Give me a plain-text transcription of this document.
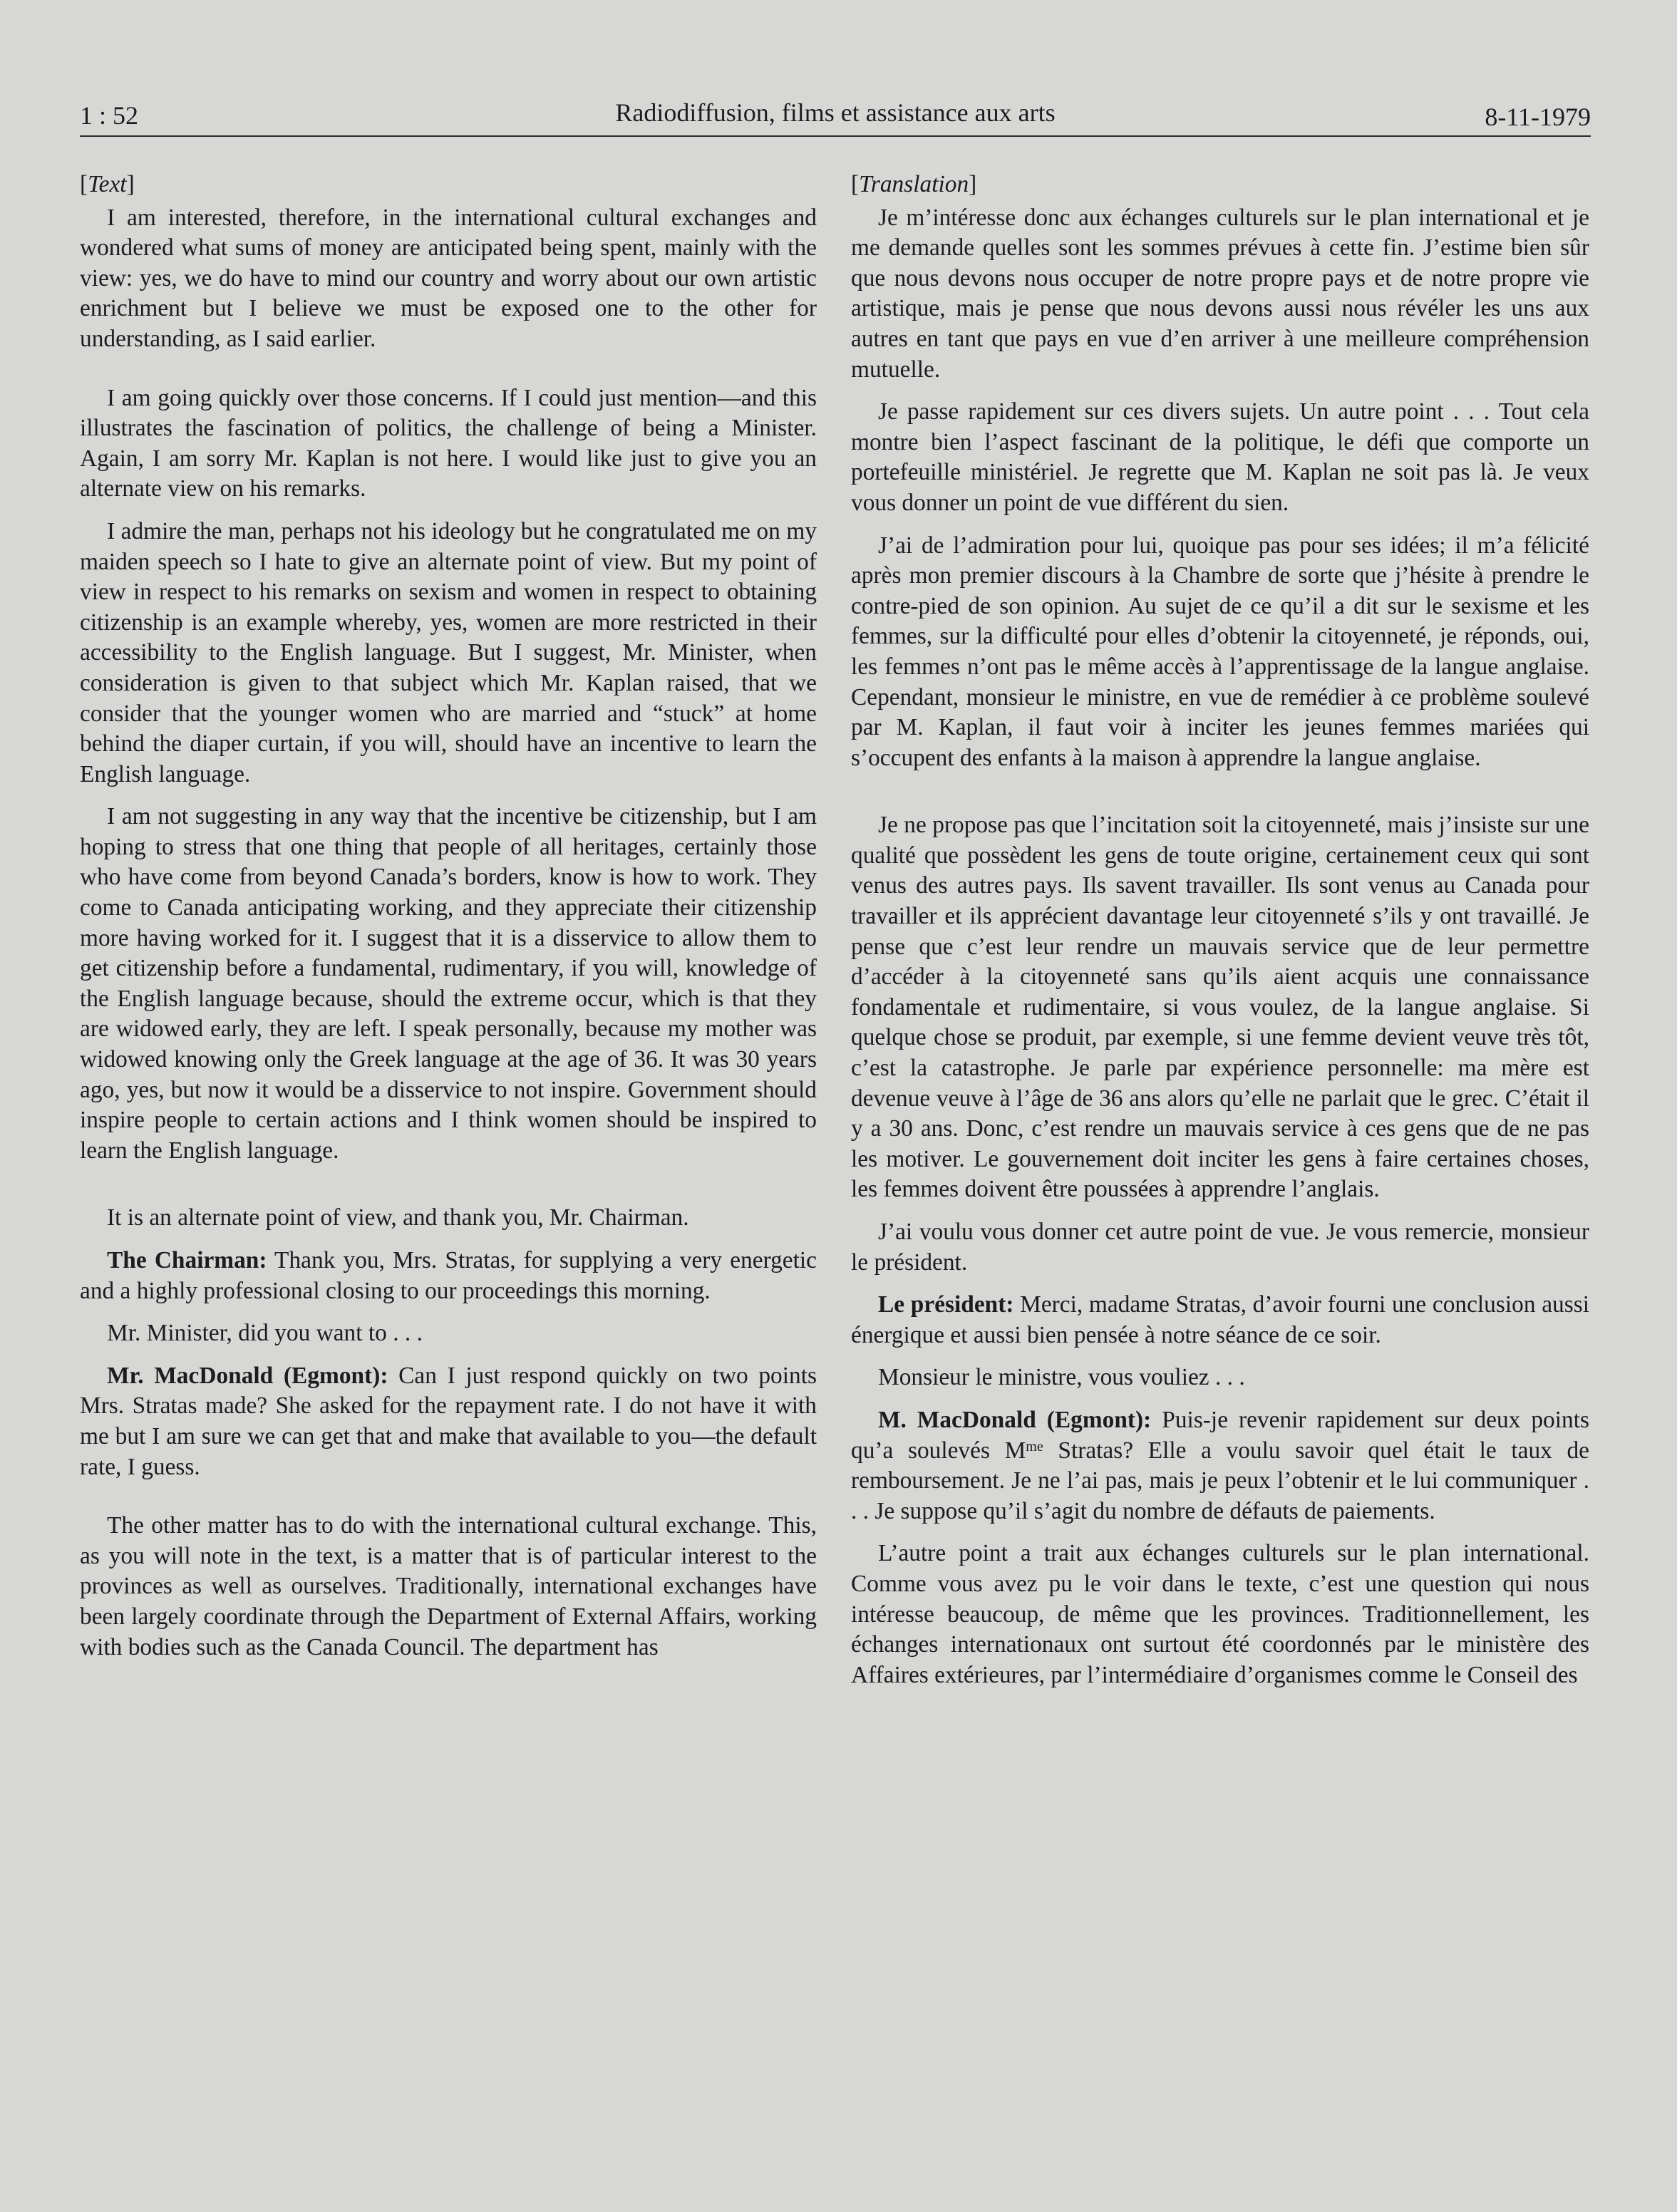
1 : 52	Radiodiffusion, films et assistance aux arts	8-11-1979
[Text]

I am interested, therefore, in the international cultural exchanges and wondered what sums of money are anticipated being spent, mainly with the view: yes, we do have to mind our country and worry about our own artistic enrichment but I believe we must be exposed one to the other for understanding, as I said earlier.

I am going quickly over those concerns. If I could just mention—and this illustrates the fascination of politics, the challenge of being a Minister. Again, I am sorry Mr. Kaplan is not here. I would like just to give you an alternate view on his remarks.

I admire the man, perhaps not his ideology but he congratulated me on my maiden speech so I hate to give an alternate point of view. But my point of view in respect to his remarks on sexism and women in respect to obtaining citizenship is an example whereby, yes, women are more restricted in their accessibility to the English language. But I suggest, Mr. Minister, when consideration is given to that subject which Mr. Kaplan raised, that we consider that the younger women who are married and “stuck” at home behind the diaper curtain, if you will, should have an incentive to learn the English language.

I am not suggesting in any way that the incentive be citizenship, but I am hoping to stress that one thing that people of all heritages, certainly those who have come from beyond Canada’s borders, know is how to work. They come to Canada anticipating working, and they appreciate their citizenship more having worked for it. I suggest that it is a disservice to allow them to get citizenship before a fundamental, rudimentary, if you will, knowledge of the English language because, should the extreme occur, which is that they are widowed early, they are left. I speak personally, because my mother was widowed knowing only the Greek language at the age of 36. It was 30 years ago, yes, but now it would be a disservice to not inspire. Government should inspire people to certain actions and I think women should be inspired to learn the English language.

It is an alternate point of view, and thank you, Mr. Chairman.

The Chairman: Thank you, Mrs. Stratas, for supplying a very energetic and a highly professional closing to our proceedings this morning.

Mr. Minister, did you want to . . .

Mr. MacDonald (Egmont): Can I just respond quickly on two points Mrs. Stratas made? She asked for the repayment rate. I do not have it with me but I am sure we can get that and make that available to you—the default rate, I guess.

The other matter has to do with the international cultural exchange. This, as you will note in the text, is a matter that is of particular interest to the provinces as well as ourselves. Traditionally, international exchanges have been largely coordinate through the Department of External Affairs, working with bodies such as the Canada Council. The department has

[Translation]

Je m’intéresse donc aux échanges culturels sur le plan international et je me demande quelles sont les sommes prévues à cette fin. J’estime bien sûr que nous devons nous occuper de notre propre pays et de notre propre vie artistique, mais je pense que nous devons aussi nous révéler les uns aux autres en tant que pays en vue d’en arriver à une meilleure compréhension mutuelle.

Je passe rapidement sur ces divers sujets. Un autre point . . . Tout cela montre bien l’aspect fascinant de la politique, le défi que comporte un portefeuille ministériel. Je regrette que M. Kaplan ne soit pas là. Je veux vous donner un point de vue différent du sien.

J’ai de l’admiration pour lui, quoique pas pour ses idées; il m’a félicité après mon premier discours à la Chambre de sorte que j’hésite à prendre le contre-pied de son opinion. Au sujet de ce qu’il a dit sur le sexisme et les femmes, sur la difficulté pour elles d’obtenir la citoyenneté, je réponds, oui, les femmes n’ont pas le même accès à l’apprentissage de la langue anglaise. Cependant, monsieur le ministre, en vue de remédier à ce problème soulevé par M. Kaplan, il faut voir à inciter les jeunes femmes mariées qui s’occupent des enfants à la maison à apprendre la langue anglaise.

Je ne propose pas que l’incitation soit la citoyenneté, mais j’insiste sur une qualité que possèdent les gens de toute origine, certainement ceux qui sont venus des autres pays. Ils savent travailler. Ils sont venus au Canada pour travailler et ils apprécient davantage leur citoyenneté s’ils y ont travaillé. Je pense que c’est leur rendre un mauvais service que de leur permettre d’accéder à la citoyenneté sans qu’ils aient acquis une connaissance fondamentale et rudimentaire, si vous voulez, de la langue anglaise. Si quelque chose se produit, par exemple, si une femme devient veuve très tôt, c’est la catastrophe. Je parle par expérience personnelle: ma mère est devenue veuve à l’âge de 36 ans alors qu’elle ne parlait que le grec. C’était il y a 30 ans. Donc, c’est rendre un mauvais service à ces gens que de ne pas les motiver. Le gouvernement doit inciter les gens à faire certaines choses, les femmes doivent être poussées à apprendre l’anglais.

J’ai voulu vous donner cet autre point de vue. Je vous remercie, monsieur le président.

Le président: Merci, madame Stratas, d’avoir fourni une conclusion aussi énergique et aussi bien pensée à notre séance de ce soir.

Monsieur le ministre, vous vouliez . . .

M. MacDonald (Egmont): Puis-je revenir rapidement sur deux points qu’a soulevés $M^{me}$ Stratas? Elle a voulu savoir quel était le taux de remboursement. Je ne l’ai pas, mais je peux l’obtenir et le lui communiquer . . . Je suppose qu’il s’agit du nombre de défauts de paiements.

L’autre point a trait aux échanges culturels sur le plan international. Comme vous avez pu le voir dans le texte, c’est une question qui nous intéresse beaucoup, de même que les provinces. Traditionnellement, les échanges internationaux ont surtout été coordonnés par le ministère des Affaires extérieures, par l’intermédiaire d’organismes comme le Conseil des
